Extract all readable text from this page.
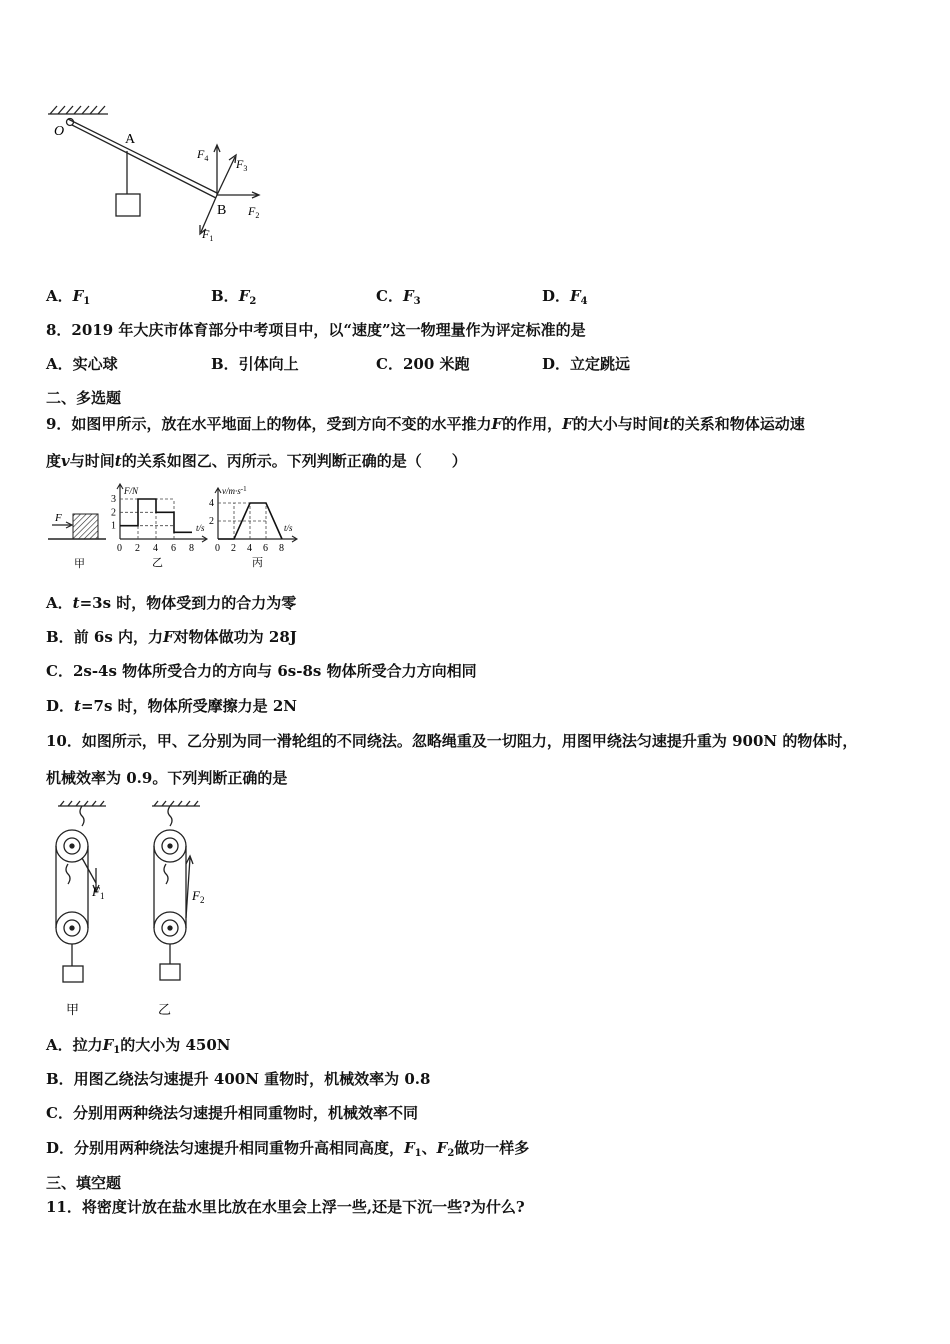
O
A
B
$F_4$ $F_3$
$F_2$
$F_1$
A．$F_1$	B．$F_2$	C．$F_3$	D．$F_4$
8．2019 年大庆市体育部分中考项目中，以“速度”这一物理量作为评定标准的是
A．实心球	B．引体向上	C．200 米跑	D．立定跳远
二、多选题
9．如图甲所示，放在水平地面上的物体，受到方向不变的水平推力F的作用，F的大小与时间t的关系和物体运动速
度v与时间t的关系如图乙、丙所示。下列判断正确的是（　　）
F
甲
F/N
t/s
乙
0 2 4 6 8
1
2
3
$v/m\cdot s^{-1}$
t/s
丙
0 2 4 6 8
2
4
A．t=3s 时，物体受到力的合力为零
B．前 6s 内，力F对物体做功为 28J
C．2s-4s 物体所受合力的方向与 6s-8s 物体所受合力方向相同
D．t=7s 时，物体所受摩擦力是 2N
10．如图所示，甲、乙分别为同一滑轮组的不同绕法。忽略绳重及一切阻力，用图甲绕法匀速提升重为 900N 的物体时，
机械效率为 0.9。下列判断正确的是
$F_1$	$F_2$
甲	乙
A．拉力$F_1$的大小为 450N
B．用图乙绕法匀速提升 400N 重物时，机械效率为 0.8
C．分别用两种绕法匀速提升相同重物时，机械效率不同
D．分别用两种绕法匀速提升相同重物升高相同高度，$F_1$、$F_2$做功一样多
三、填空题
11．将密度计放在盐水里比放在水里会上浮一些,还是下沉一些?为什么?
